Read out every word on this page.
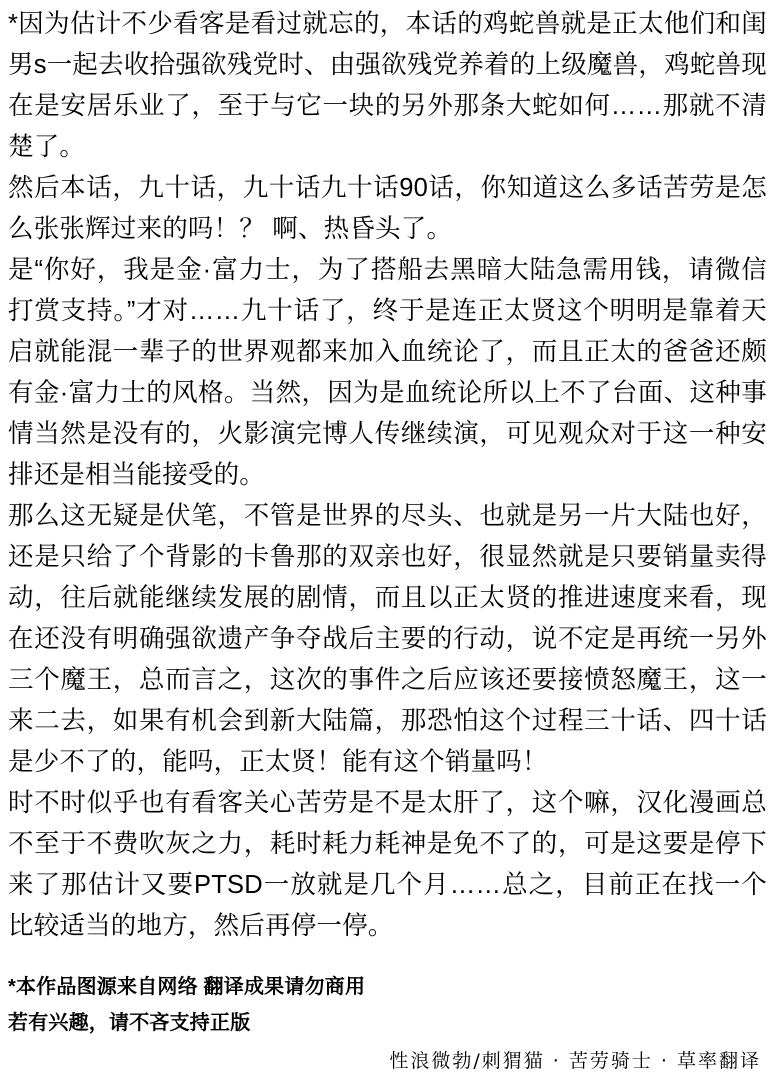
*因为估计不少看客是看过就忘的，本话的鸡蛇兽就是正太他们和闺男s一起去收拾强欲残党时、由强欲残党养着的上级魔兽，鸡蛇兽现在是安居乐业了，至于与它一块的另外那条大蛇如何……那就不清楚了。

然后本话，九十话，九十话九十话90话，你知道这么多话苦劳是怎么张张辉过来的吗！？ 啊、热昏头了。

是“你好，我是金·富力士，为了搭船去黑暗大陆急需用钱，请微信打赏支持。”才对……九十话了，终于是连正太贤这个明明是靠着天启就能混一辈子的世界观都来加入血统论了，而且正太的爸爸还颇有金·富力士的风格。当然，因为是血统论所以上不了台面、这种事情当然是没有的，火影演完博人传继续演，可见观众对于这一种安排还是相当能接受的。

那么这无疑是伏笔，不管是世界的尽头、也就是另一片大陆也好，还是只给了个背影的卡鲁那的双亲也好，很显然就是只要销量卖得动，往后就能继续发展的剧情，而且以正太贤的推进速度来看，现在还没有明确强欲遗产争夺战后主要的行动，说不定是再统一另外三个魔王，总而言之，这次的事件之后应该还要接愤怒魔王，这一来二去，如果有机会到新大陆篇，那恐怕这个过程三十话、四十话是少不了的，能吗，正太贤！能有这个销量吗！

时不时似乎也有看客关心苦劳是不是太肝了，这个嘛，汉化漫画总不至于不费吹灰之力，耗时耗力耗神是免不了的，可是这要是停下来了那估计又要PTSD一放就是几个月……总之，目前正在找一个比较适当的地方，然后再停一停。

*本作品图源来自网络 翻译成果请勿商用

若有兴趣，请不吝支持正版

性浪微勃/刺猬猫 · 苦劳骑士 · 草率翻译
